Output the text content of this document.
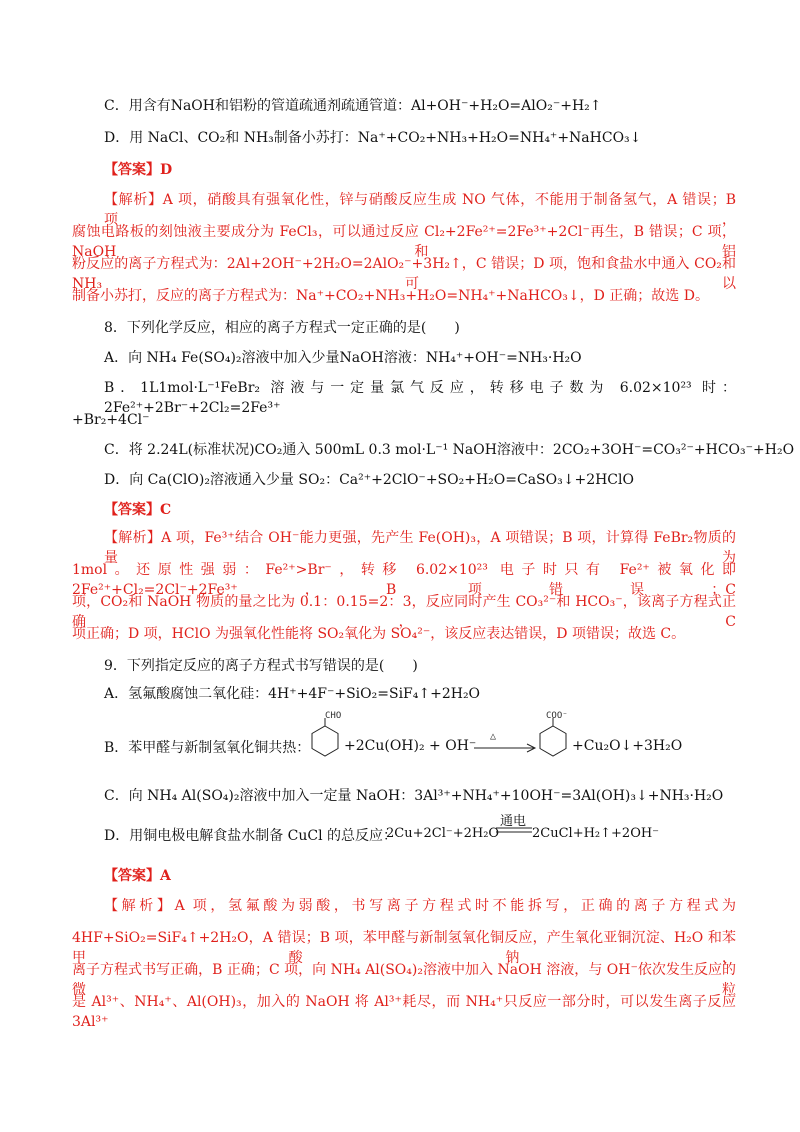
C．用含有NaOH和铝粉的管道疏通剂疏通管道：Al+OH⁻+H₂O=AlO₂⁻+H₂↑
D．用 NaCl、CO₂和 NH₃制备小苏打：Na⁺+CO₂+NH₃+H₂O=NH₄⁺+NaHCO₃↓
【答案】D
【解析】A 项，硝酸具有强氧化性，锌与硝酸反应生成 NO 气体，不能用于制备氢气，A 错误；B 项，
腐蚀电路板的刻蚀液主要成分为 FeCl₃，可以通过反应 Cl₂+2Fe²⁺=2Fe³⁺+2Cl⁻再生，B 错误；C 项，NaOH 和铝
粉反应的离子方程式为：2Al+2OH⁻+2H₂O=2AlO₂⁻+3H₂↑，C 错误；D 项，饱和食盐水中通入 CO₂和 NH₃可以
制备小苏打，反应的离子方程式为：Na⁺+CO₂+NH₃+H₂O=NH₄⁺+NaHCO₃↓，D 正确；故选 D。
8．下列化学反应，相应的离子方程式一定正确的是(　　)
A．向 NH₄ Fe(SO₄)₂溶液中加入少量NaOH溶液：NH₄⁺+OH⁻=NH₃·H₂O
B．1L1mol·L⁻¹FeBr₂ 溶液与一定量氯气反应，转移电子数为 6.02×10²³ 时：2Fe²⁺+2Br⁻+2Cl₂=2Fe³⁺
+Br₂+4Cl⁻
C．将 2.24L(标准状况)CO₂通入 500mL 0.3 mol·L⁻¹ NaOH溶液中：2CO₂+3OH⁻=CO₃²⁻+HCO₃⁻+H₂O
D．向 Ca(ClO)₂溶液通入少量 SO₂：Ca²⁺+2ClO⁻+SO₂+H₂O=CaSO₃↓+2HClO
【答案】C
【解析】A 项，Fe³⁺结合 OH⁻能力更强，先产生 Fe(OH)₃，A 项错误；B 项，计算得 FeBr₂物质的量为
1mol。还原性强弱：Fe²⁺>Br⁻，转移 6.02×10²³ 电子时只有 Fe²⁺被氧化即 2Fe²⁺+Cl₂=2Cl⁻+2Fe³⁺，B 项错误；C
项，CO₂和 NaOH 物质的量之比为 0.1：0.15=2：3，反应同时产生 CO₃²⁻和 HCO₃⁻，该离子方程式正确，C
项正确；D 项，HClO 为强氧化性能将 SO₂氧化为 SO₄²⁻，该反应表达错误，D 项错误；故选 C。
9．下列指定反应的离子方程式书写错误的是(　　)
A．氢氟酸腐蚀二氧化硅：4H⁺+4F⁻+SiO₂=SiF₄↑+2H₂O
B．苯甲醛与新制氢氧化铜共热：
CHO
+2Cu(OH)₂ + OH⁻
△
COO⁻
+Cu₂O↓+3H₂O
C．向 NH₄ Al(SO₄)₂溶液中加入一定量 NaOH：3Al³⁺+NH₄⁺+10OH⁻=3Al(OH)₃↓+NH₃·H₂O
D．用铜电极电解食盐水制备 CuCl 的总反应：
2Cu+2Cl⁻+2H₂O
通电
2CuCl+H₂↑+2OH⁻
【答案】A
【解析】A 项，氢氟酸为弱酸，书写离子方程式时不能拆写，正确的离子方程式为
4HF+SiO₂=SiF₄↑+2H₂O，A 错误；B 项，苯甲醛与新制氢氧化铜反应，产生氧化亚铜沉淀、H₂O 和苯甲酸钠，
离子方程式书写正确，B 正确；C 项，向 NH₄ Al(SO₄)₂溶液中加入 NaOH 溶液，与 OH⁻依次发生反应的微粒
是 Al³⁺、NH₄⁺、Al(OH)₃，加入的 NaOH 将 Al³⁺耗尽，而 NH₄⁺只反应一部分时，可以发生离子反应 3Al³⁺
